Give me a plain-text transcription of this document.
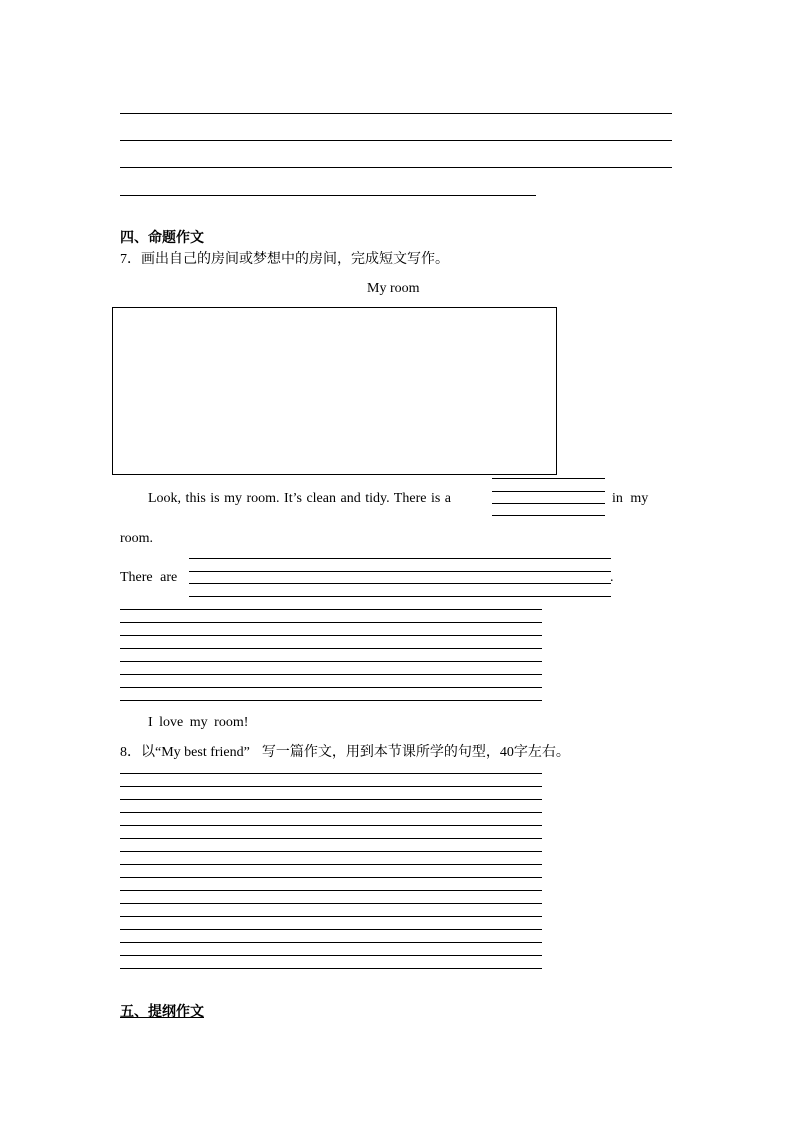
四、命题作文
7．画出自己的房间或梦想中的房间，完成短文写作。
My room
Look, this is my room. It’s clean and tidy. There is a	in my
room.
There are	.
I love my room!
8．以“My best friend” 写一篇作文，用到本节课所学的句型，40字左右。
五、提纲作文
